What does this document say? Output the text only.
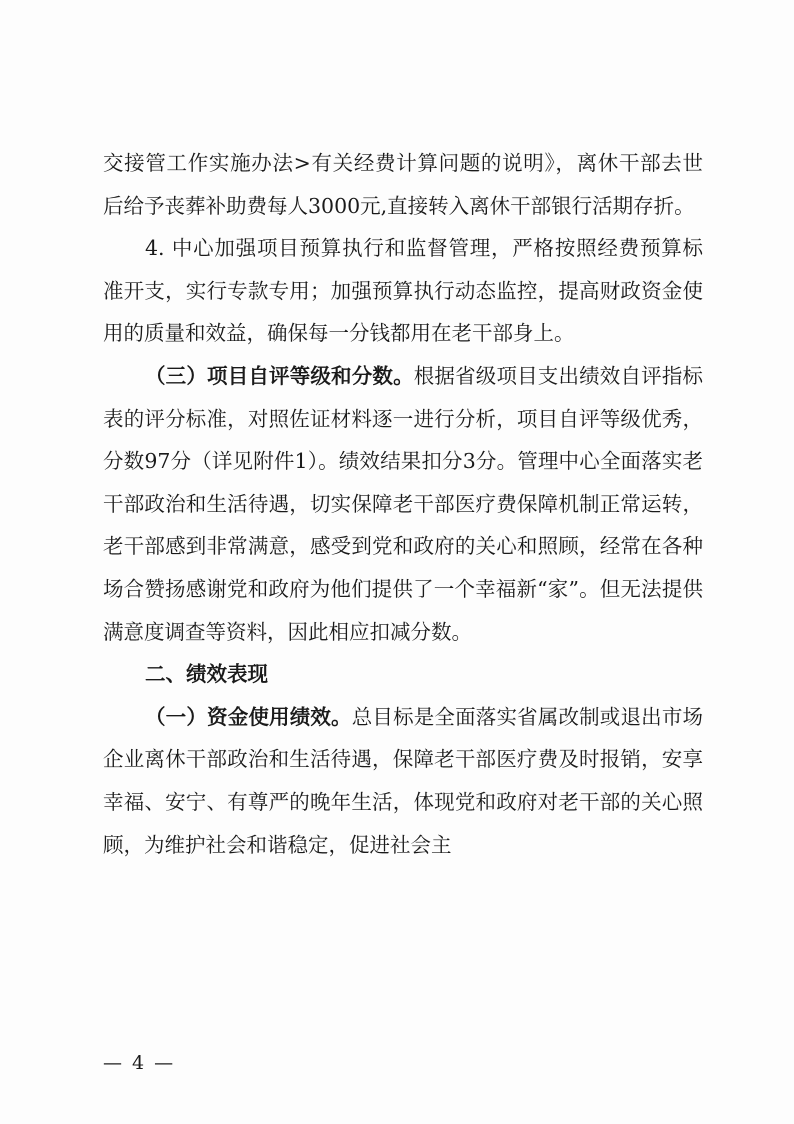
交接管工作实施办法>有关经费计算问题的说明》，离休干部去世后给予丧葬补助费每人3000元,直接转入离休干部银行活期存折。

4. 中心加强项目预算执行和监督管理，严格按照经费预算标准开支，实行专款专用；加强预算执行动态监控，提高财政资金使用的质量和效益，确保每一分钱都用在老干部身上。

（三）项目自评等级和分数。根据省级项目支出绩效自评指标表的评分标准，对照佐证材料逐一进行分析，项目自评等级优秀，分数97分（详见附件1）。绩效结果扣分3分。管理中心全面落实老干部政治和生活待遇，切实保障老干部医疗费保障机制正常运转，老干部感到非常满意，感受到党和政府的关心和照顾，经常在各种场合赞扬感谢党和政府为他们提供了一个幸福新“家”。但无法提供满意度调查等资料，因此相应扣减分数。

二、绩效表现

（一）资金使用绩效。总目标是全面落实省属改制或退出市场企业离休干部政治和生活待遇，保障老干部医疗费及时报销，安享幸福、安宁、有尊严的晚年生活，体现党和政府对老干部的关心照顾，为维护社会和谐稳定，促进社会主

— 4 —
